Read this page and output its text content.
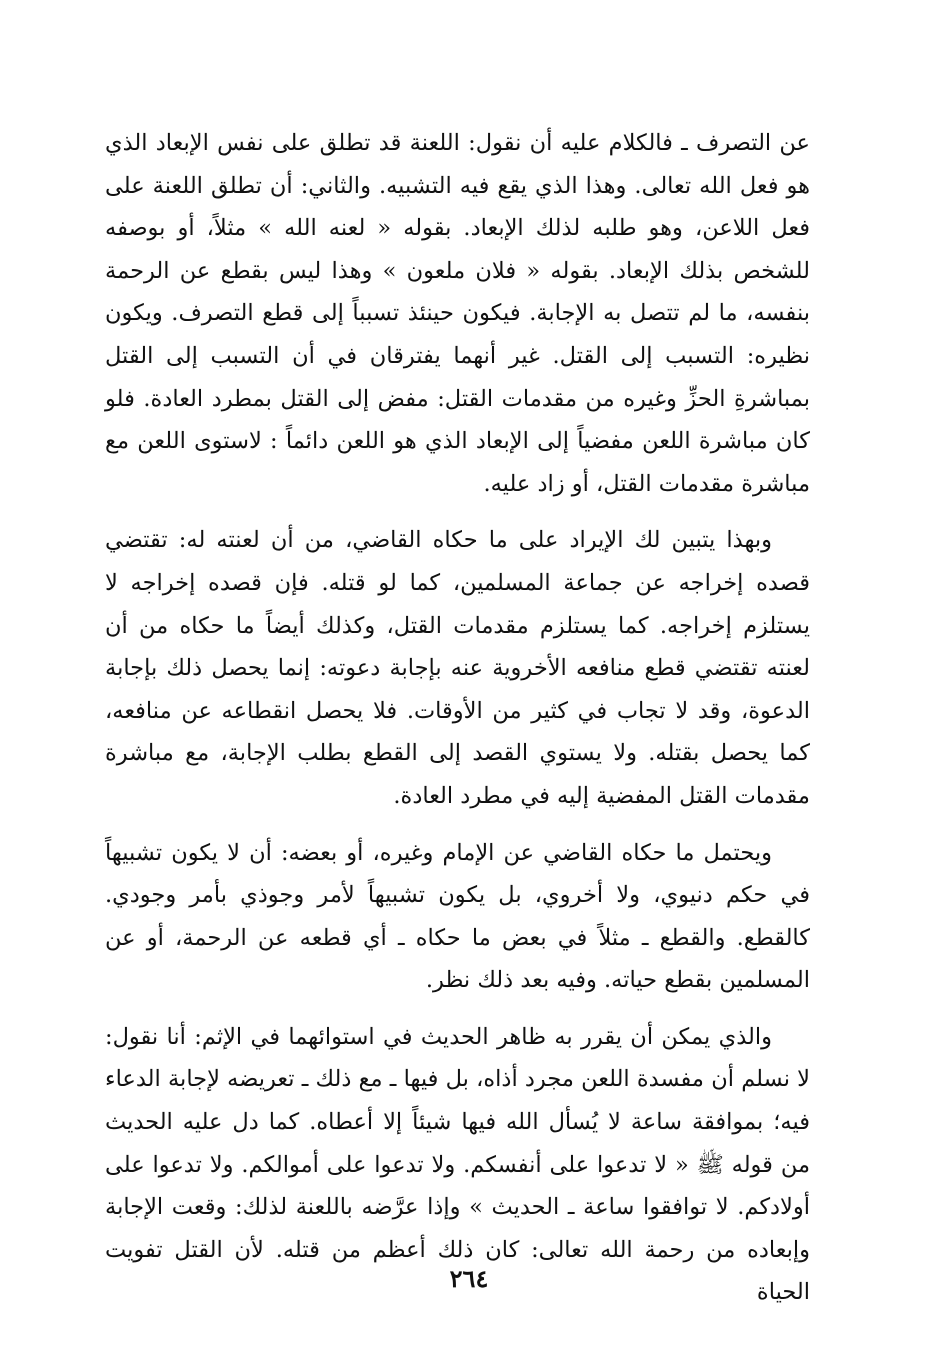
عن التصرف ـ فالكلام عليه أن نقول: اللعنة قد تطلق على نفس الإبعاد الذي هو فعل الله تعالى. وهذا الذي يقع فيه التشبيه. والثاني: أن تطلق اللعنة على فعل اللاعن، وهو طلبه لذلك الإبعاد. بقوله « لعنه الله » مثلاً، أو بوصفه للشخص بذلك الإبعاد. بقوله « فلان ملعون » وهذا ليس بقطع عن الرحمة بنفسه، ما لم تتصل به الإجابة. فيكون حينئذ تسبباً إلى قطع التصرف. ويكون نظيره: التسبب إلى القتل. غير أنهما يفترقان في أن التسبب إلى القتل بمباشرةِ الحزِّ وغيره من مقدمات القتل: مفض إلى القتل بمطرد العادة. فلو كان مباشرة اللعن مفضياً إلى الإبعاد الذي هو اللعن دائماً : لاستوى اللعن مع مباشرة مقدمات القتل، أو زاد عليه.

وبهذا يتبين لك الإيراد على ما حكاه القاضي، من أن لعنته له: تقتضي قصده إخراجه عن جماعة المسلمين، كما لو قتله. فإن قصده إخراجه لا يستلزم إخراجه. كما يستلزم مقدمات القتل، وكذلك أيضاً ما حكاه من أن لعنته تقتضي قطع منافعه الأخروية عنه بإجابة دعوته: إنما يحصل ذلك بإجابة الدعوة، وقد لا تجاب في كثير من الأوقات. فلا يحصل انقطاعه عن منافعه، كما يحصل بقتله. ولا يستوي القصد إلى القطع بطلب الإجابة، مع مباشرة مقدمات القتل المفضية إليه في مطرد العادة.

ويحتمل ما حكاه القاضي عن الإمام وغيره، أو بعضه: أن لا يكون تشبيهاً في حكم دنيوي، ولا أخروي، بل يكون تشبيهاً لأمر وجوذي بأمر وجودي. كالقطع. والقطع ـ مثلاً في بعض ما حكاه ـ أي قطعه عن الرحمة، أو عن المسلمين بقطع حياته. وفيه بعد ذلك نظر.

والذي يمكن أن يقرر به ظاهر الحديث في استوائهما في الإثم: أنا نقول: لا نسلم أن مفسدة اللعن مجرد أذاه، بل فيها ـ مع ذلك ـ تعريضه لإجابة الدعاء فيه؛ بموافقة ساعة لا يُسأل الله فيها شيئاً إلا أعطاه. كما دل عليه الحديث من قوله ﷺ « لا تدعوا على أنفسكم. ولا تدعوا على أموالكم. ولا تدعوا على أولادكم. لا توافقوا ساعة ـ الحديث » وإذا عرَّضه باللعنة لذلك: وقعت الإجابة وإبعاده من رحمة الله تعالى: كان ذلك أعظم من قتله. لأن القتل تفويت الحياة

٢٦٤
